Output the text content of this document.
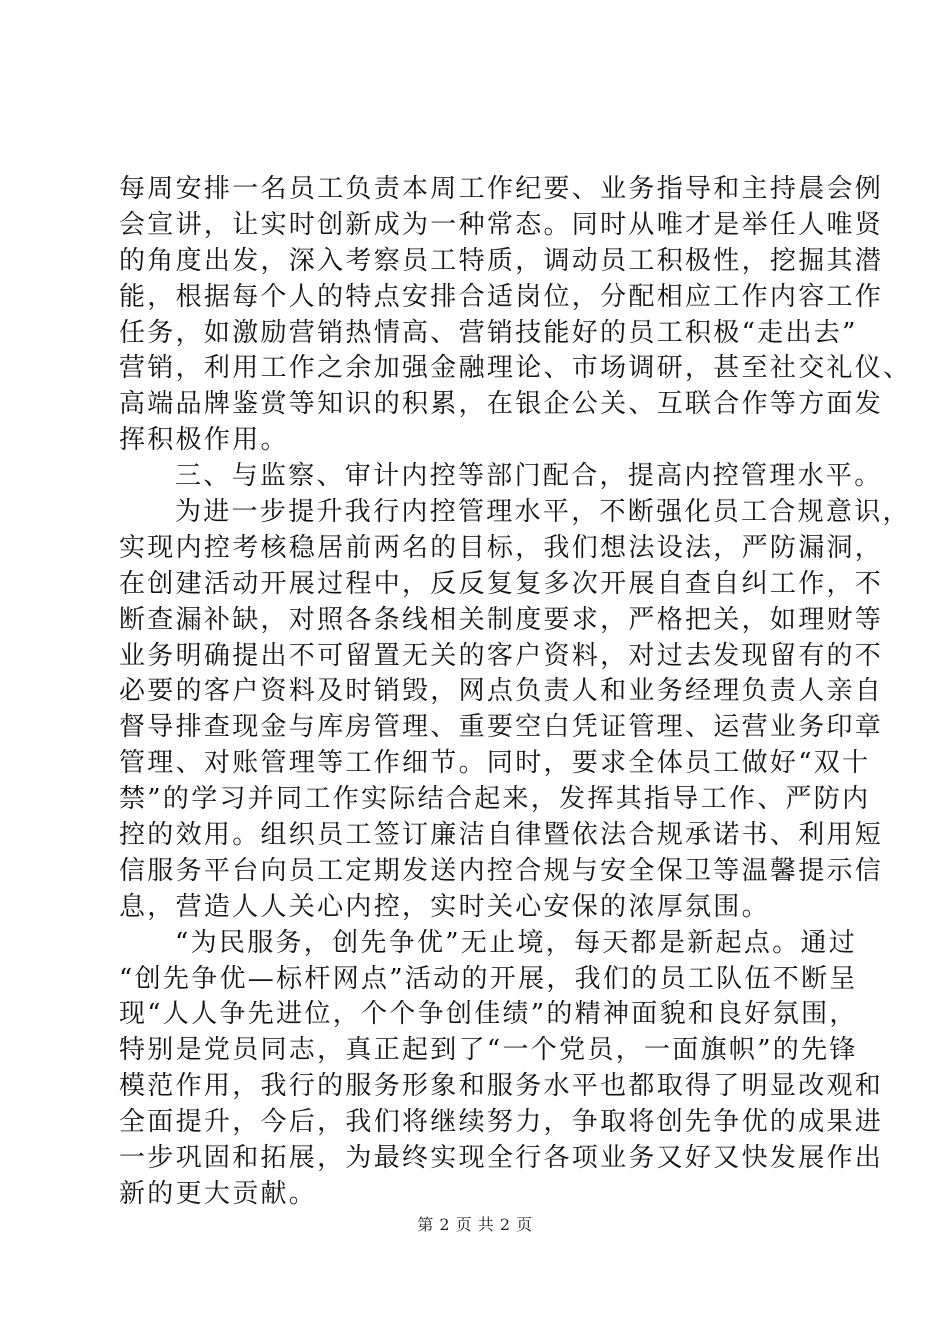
每周安排一名员工负责本周工作纪要、业务指导和主持晨会例
会宣讲，让实时创新成为一种常态。同时从唯才是举任人唯贤
的角度出发，深入考察员工特质，调动员工积极性，挖掘其潜
能，根据每个人的特点安排合适岗位，分配相应工作内容工作
任务，如激励营销热情高、营销技能好的员工积极“走出去”
营销，利用工作之余加强金融理论、市场调研，甚至社交礼仪、
高端品牌鉴赏等知识的积累，在银企公关、互联合作等方面发
挥积极作用。
三、与监察、审计内控等部门配合，提高内控管理水平。
为进一步提升我行内控管理水平，不断强化员工合规意识，
实现内控考核稳居前两名的目标，我们想法设法，严防漏洞，
在创建活动开展过程中，反反复复多次开展自查自纠工作，不
断查漏补缺，对照各条线相关制度要求，严格把关，如理财等
业务明确提出不可留置无关的客户资料，对过去发现留有的不
必要的客户资料及时销毁，网点负责人和业务经理负责人亲自
督导排查现金与库房管理、重要空白凭证管理、运营业务印章
管理、对账管理等工作细节。同时，要求全体员工做好“双十
禁”的学习并同工作实际结合起来，发挥其指导工作、严防内
控的效用。组织员工签订廉洁自律暨依法合规承诺书、利用短
信服务平台向员工定期发送内控合规与安全保卫等温馨提示信
息，营造人人关心内控，实时关心安保的浓厚氛围。
“为民服务，创先争优”无止境，每天都是新起点。通过
“创先争优—标杆网点”活动的开展，我们的员工队伍不断呈
现“人人争先进位，个个争创佳绩”的精神面貌和良好氛围，
特别是党员同志，真正起到了“一个党员，一面旗帜”的先锋
模范作用，我行的服务形象和服务水平也都取得了明显改观和
全面提升，今后，我们将继续努力，争取将创先争优的成果进
一步巩固和拓展，为最终实现全行各项业务又好又快发展作出
新的更大贡献。
第 2 页 共 2 页
